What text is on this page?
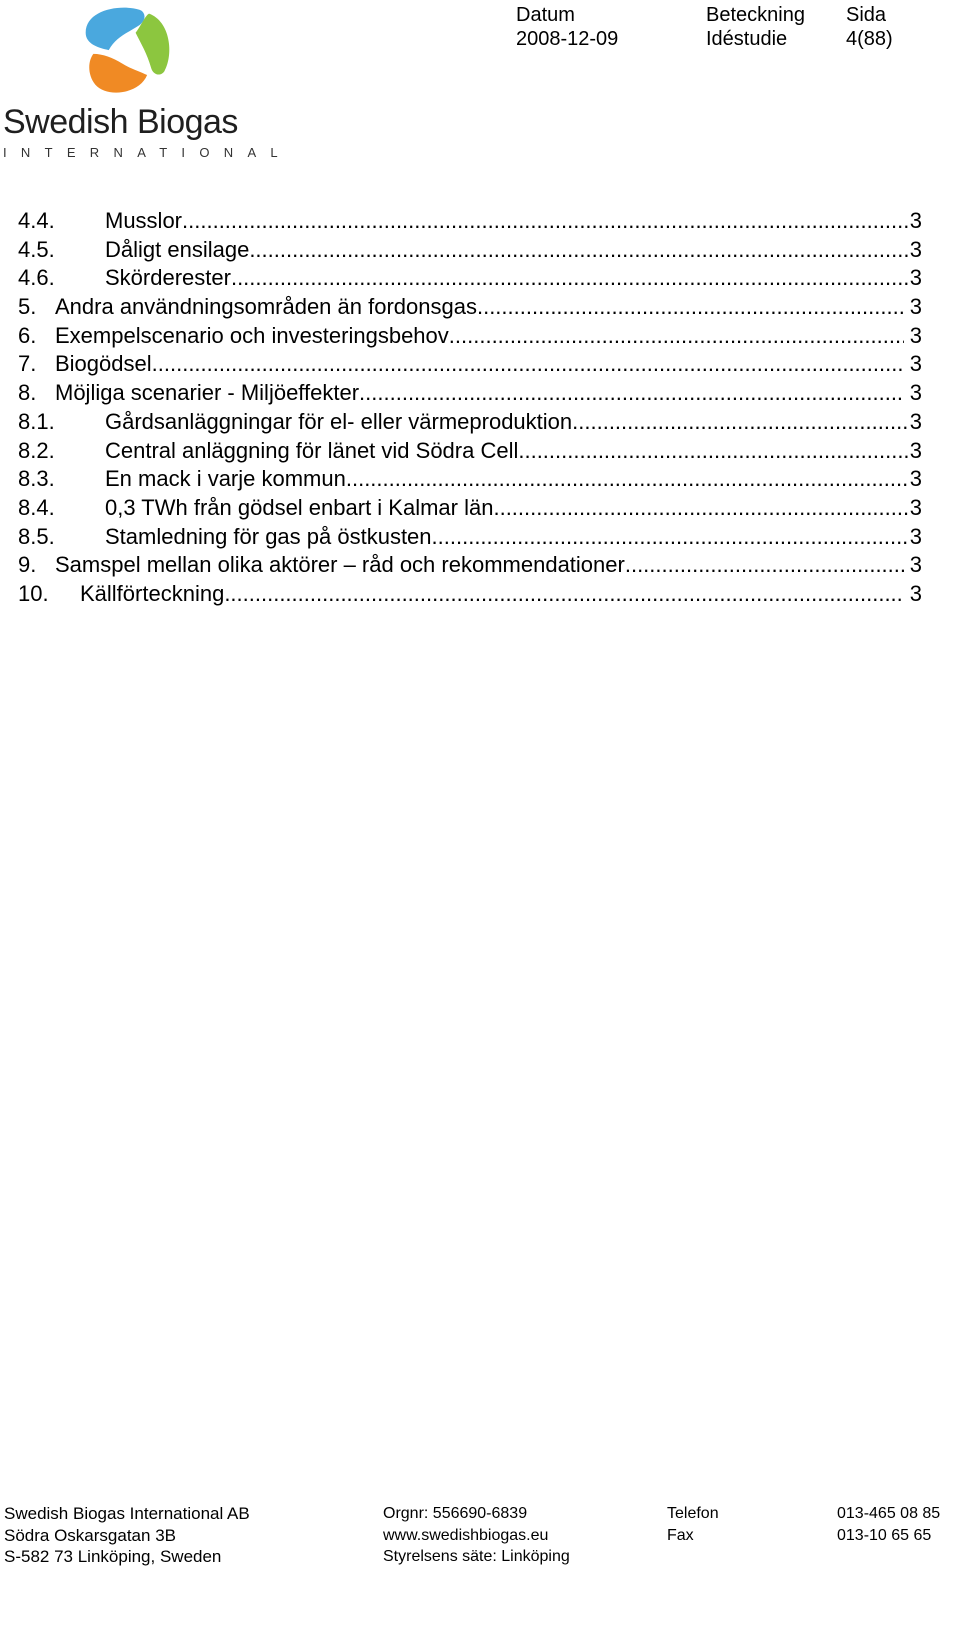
Swedish Biogas
INTERNATIONAL
Datum
2008-12-09
Beteckning
Idéstudie
Sida
4(88)
4.4.	Musslor .....	3
4.5.	Dåligt ensilage .....	3
4.6.	Skörderester .....	3
5. Andra användningsområden än fordonsgas .....	3
6. Exempelscenario och investeringsbehov .....	3
7. Biogödsel .....	3
8. Möjliga scenarier - Miljöeffekter .....	3
8.1.	Gårdsanläggningar för el- eller värmeproduktion .....	3
8.2.	Central anläggning för länet vid Södra Cell .....	3
8.3.	En mack i varje kommun .....	3
8.4.	0,3 TWh från gödsel enbart i Kalmar län .....	3
8.5.	Stamledning för gas på östkusten .....	3
9. Samspel mellan olika aktörer – råd och rekommendationer .....	3
10.	Källförteckning .....	3
Swedish Biogas International AB
Södra Oskarsgatan 3B
S-582 73 Linköping, Sweden
Orgnr: 556690-6839
www.swedishbiogas.eu
Styrelsens säte: Linköping
Telefon
Fax
013-465 08 85
013-10 65 65
